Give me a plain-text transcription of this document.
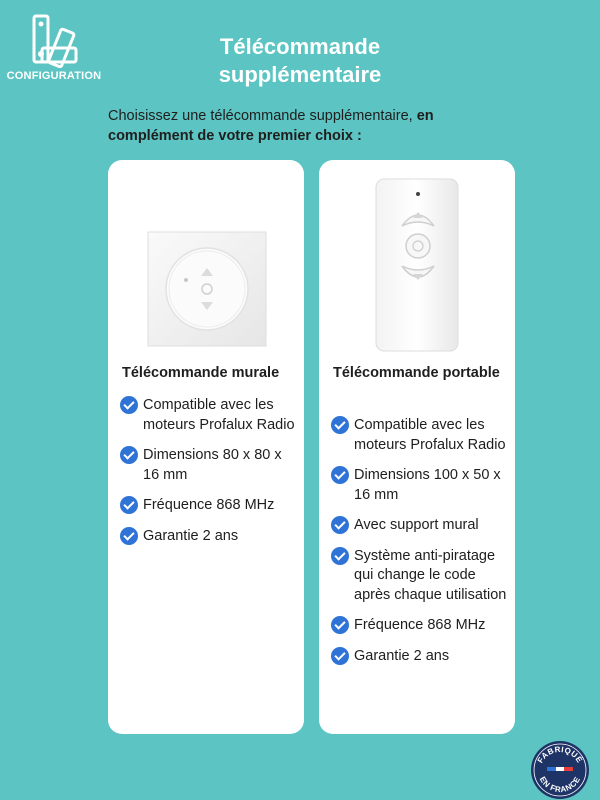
CONFIGURATION
Télécommande
supplémentaire
Choisissez une télécommande supplémentaire, en complément de votre premier choix :
Télécommande murale
Compatible avec les moteurs Profalux Radio
Dimensions 80 x 80 x 16 mm
Fréquence 868 MHz
Garantie 2 ans
Télécommande portable
Compatible avec les moteurs Profalux Radio
Dimensions 100 x 50 x 16 mm
Avec support mural
Système anti-piratage qui change le code après chaque utilisation
Fréquence 868 MHz
Garantie 2 ans
FABRIQUÉ
EN FRANCE
